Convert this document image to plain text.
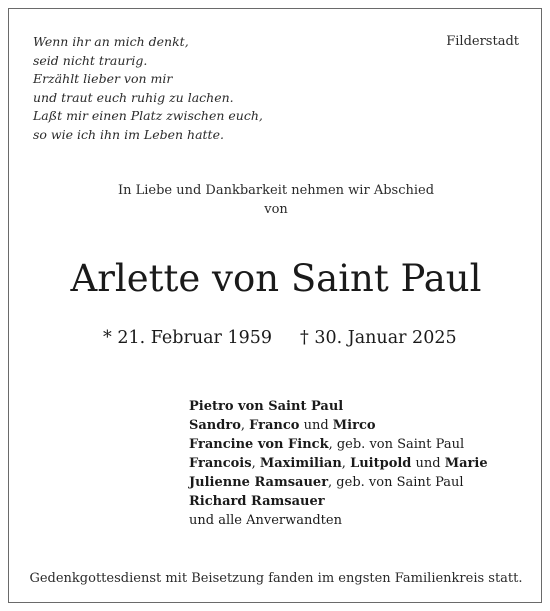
Wenn ihr an mich denkt,
seid nicht traurig.
Erzählt lieber von mir
und traut euch ruhig zu lachen.
Laßt mir einen Platz zwischen euch,
so wie ich ihn im Leben hatte.
Filderstadt
In Liebe und Dankbarkeit nehmen wir Abschied
von
Arlette von Saint Paul
* 21. Februar 1959 † 30. Januar 2025
Pietro von Saint Paul
Sandro, Franco und Mirco
Francine von Finck, geb. von Saint Paul
Francois, Maximilian, Luitpold und Marie
Julienne Ramsauer, geb. von Saint Paul
Richard Ramsauer
und alle Anverwandten
Gedenkgottesdienst mit Beisetzung fanden im engsten Familienkreis statt.
